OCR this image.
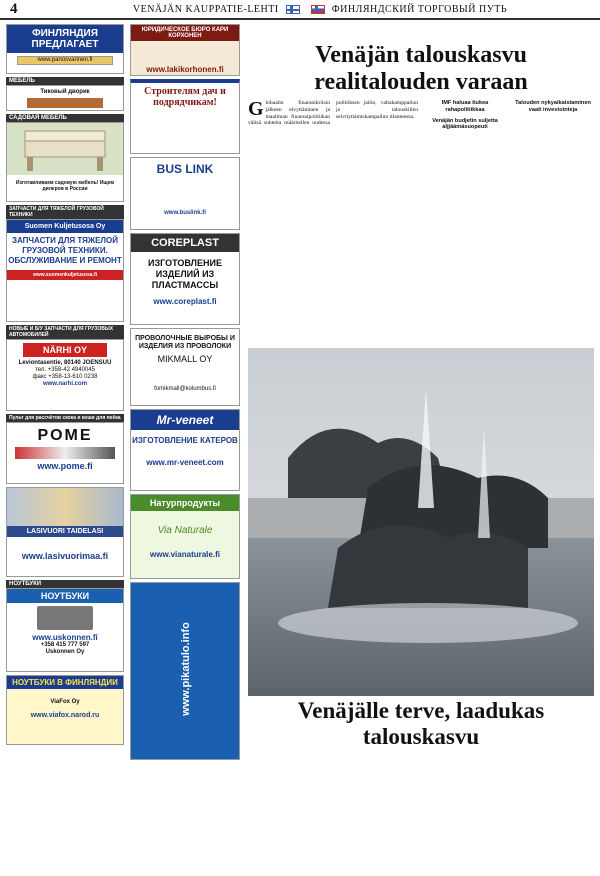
4	VENÄJÄN KAUPPATIE-LEHTI	ФИНЛЯНДСКИЙ ТОРГОВЫЙ ПУТЬ
ФИНЛЯНДИЯ ПРЕДЛАГАЕТ
www.panosvarinen.fi
МЕБЕЛЬ
Тиковый дворик
САДОВАЯ МЕБЕЛЬ
Изготавливаем садовую мебель! Ищем дилеров в России
ЗАПЧАСТИ ДЛЯ ТЯЖЕЛОЙ ГРУЗОВОЙ ТЕХНИКИ
Suomen Kuljetusosa Oy
ЗАПЧАСТИ ДЛЯ ТЯЖЕЛОЙ ГРУЗОВОЙ ТЕХНИКИ. ОБСЛУЖИВАНИЕ И РЕМОНТ
www.suomenkuljetusosa.fi
НОВЫЕ И Б/У ЗАПЧАСТИ ДЛЯ ГРУЗОВЫХ АВТОМОБИЛЕЙ
NÄRHI OY
Leviontasentie, 80140 JOENSUU
тел. +358-42 4940045
факс +358-13-610 0238
www.narhi.com
Пульт для рассчётов скока и коши для пеёка
POME
www.pome.fi
LASIVUORI TAIDELASI
www.lasivuorimaa.fi
НОУТБУКИ
НОУТБУКИ
www.uskonnen.fi
+358 415 777 597
Uskonnen Oy
НОУТБУКИ В ФИНЛЯНДИИ
ViaFox Oy
www.viafox.narod.ru
ЮРИДИЧЕСКОЕ БЮРО КАРИ КОРХОНЕН
www.lakikorhonen.fi
Строителям дач и подрядчикам!
BUS LINK
www.buslink.fi
COREPLAST
ИЗГОТОВЛЕНИЕ ИЗДЕЛИЙ ИЗ ПЛАСТМАССЫ
www.coreplast.fi
ПРОВОЛОЧНЫЕ ВЫРОБЫ И ИЗДЕЛИЯ ИЗ ПРОВОЛОКИ
MIKMALL OY
fomikmall@kolumbus.fi
Mr-veneet
ИЗГОТОВЛЕНИЕ КАТЕРОВ
www.mr-veneet.com
Натурпродукты
Via Naturale
www.vianaturale.fi
www.pikatulo.info
Venäjän talouskasvu realitalouden varaan

Globaalin finanssikriisin jälkeen elvyttäminen ja maailman finanssipolitiikan välisä suhteita määritellen uudessa politiiksen jailin, valtakamppailun ja talouskillen selvityttämiskampailun tilanteessa.

IMF haluaa tiukea rahapolitiikkaa
Venäjän budjetin suljetta aljjäämäsuopeuti
Talouden nykyaikaistaminen vaati investointeja
Venäjälle terve, laadukas talouskasvu
